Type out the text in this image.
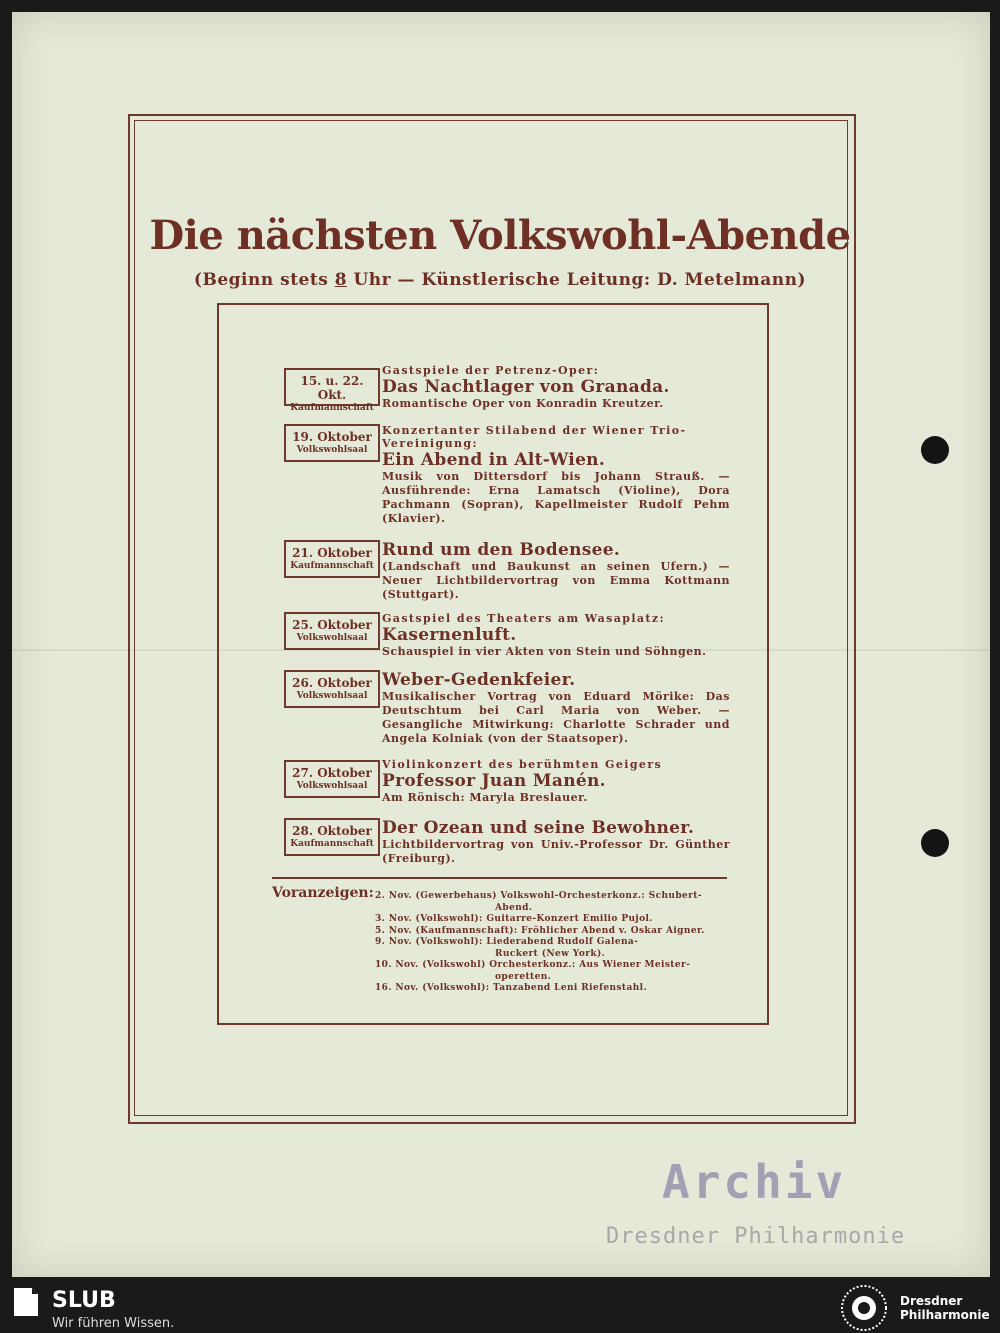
Die nächsten Volkswohl-Abende
(Beginn stets 8 Uhr — Künstlerische Leitung: D. Metelmann)
15. u. 22. Okt.
Kaufmannschaft
Gastspiele der Petrenz-Oper:
Das Nachtlager von Granada.
Romantische Oper von Konradin Kreutzer.
19. Oktober
Volkswohlsaal
Konzertanter Stilabend der Wiener Trio-Vereinigung:
Ein Abend in Alt-Wien.
Musik von Dittersdorf bis Johann Strauß. — Ausführende: Erna Lamatsch (Violine), Dora Pachmann (Sopran), Kapellmeister Rudolf Pehm (Klavier).
21. Oktober
Kaufmannschaft
Rund um den Bodensee.
(Landschaft und Baukunst an seinen Ufern.) — Neuer Lichtbildervortrag von Emma Kottmann (Stuttgart).
25. Oktober
Volkswohlsaal
Gastspiel des Theaters am Wasaplatz:
Kasernenluft.
Schauspiel in vier Akten von Stein und Söhngen.
26. Oktober
Volkswohlsaal
Weber-Gedenkfeier.
Musikalischer Vortrag von Eduard Mörike: Das Deutschtum bei Carl Maria von Weber. — Gesangliche Mitwirkung: Charlotte Schrader und Angela Kolniak (von der Staatsoper).
27. Oktober
Volkswohlsaal
Violinkonzert des berühmten Geigers
Professor Juan Manén.
Am Rönisch: Maryla Breslauer.
28. Oktober
Kaufmannschaft
Der Ozean und seine Bewohner.
Lichtbildervortrag von Univ.-Professor Dr. Günther (Freiburg).
Voranzeigen: 2. Nov. (Gewerbehaus) Volkswohl-Orchesterkonz.: Schubert-
Abend.
3. Nov. (Volkswohl): Guitarre-Konzert Emilio Pujol.
5. Nov. (Kaufmannschaft): Fröhlicher Abend v. Oskar Aigner.
9. Nov. (Volkswohl): Liederabend Rudolf Galena-
Ruckert (New York).
10. Nov. (Volkswohl) Orchesterkonz.: Aus Wiener Meister-
operetten.
16. Nov. (Volkswohl): Tanzabend Leni Riefenstahl.
Archiv
Dresdner Philharmonie
SLUB
Wir führen Wissen.
Dresdner
Philharmonie
